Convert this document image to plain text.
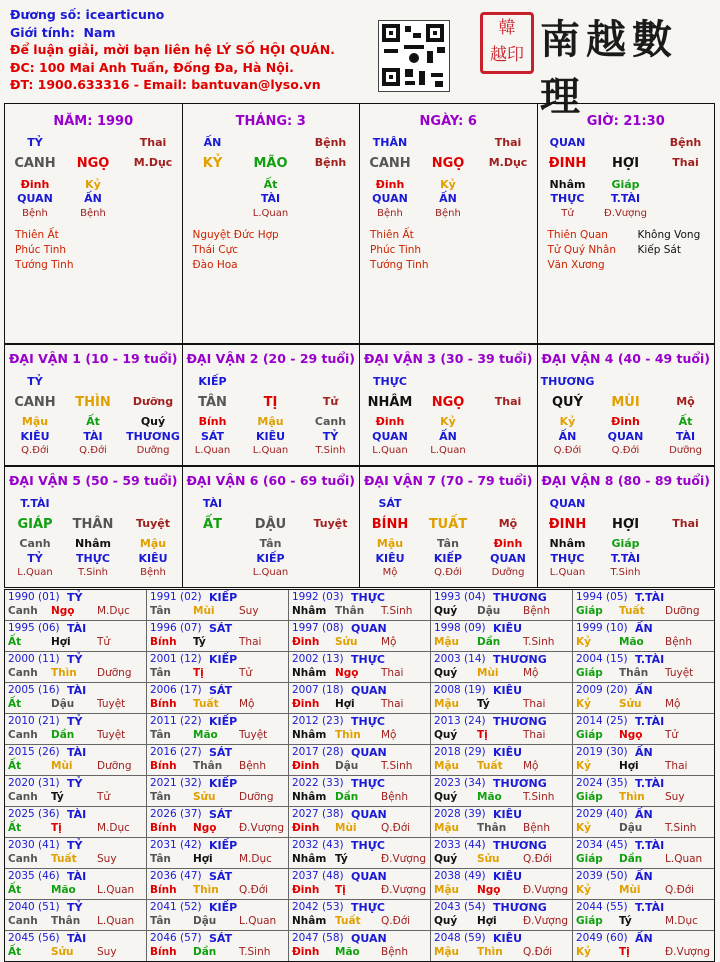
Đương số: icearticuno
Giới tính: Nam
Để luận giải, mời bạn liên hệ LÝ SỐ HỘI QUÁN.
ĐC: 100 Mai Anh Tuấn, Đống Đa, Hà Nội.
ĐT: 1900.633316 - Email: bantuvan@lyso.vn
韓
越印 南越數理
NĂM: 1990
TỶ	Thai
CANH	NGỌ	M.Dục
Đinh	Kỷ
QUAN	ẤN
Bệnh	Bệnh
Thiên Ất
Phúc Tinh
Tướng Tinh
THÁNG: 3
ẤN	Bệnh
KỶ	MÃO	Bệnh
Ất
TÀI
L.Quan
Nguyệt Đức Hợp
Thái Cực
Đào Hoa
NGÀY: 6
THÂN	Thai
CANH	NGỌ	M.Dục
Đinh	Kỷ
QUAN	ẤN
Bệnh	Bệnh
Thiên Ất
Phúc Tinh
Tướng Tinh
GIỜ: 21:30
QUAN	Bệnh
ĐINH	HỢI	Thai
Nhâm	Giáp
THỰC	T.TÀI
Tử	Đ.Vượng
Thiên Quan
Tử Quý Nhân
Văn Xương
Không Vong
Kiếp Sát
ĐẠI VẬN 1 (10 - 19 tuổi)
TỶ
CANH	THÌN	Dưỡng
Mậu	Ất	Quý
KIÊU	TÀI	THƯƠNG
Q.Đới	Q.Đới	Dưỡng
ĐẠI VẬN 2 (20 - 29 tuổi)
KIẾP
TÂN	TỊ	Tử
Bính	Mậu	Canh
SÁT	KIÊU	TỶ
L.Quan	L.Quan	T.Sinh
ĐẠI VẬN 3 (30 - 39 tuổi)
THỰC
NHÂM	NGỌ	Thai
Đinh	Kỷ
QUAN	ẤN
L.Quan	L.Quan
ĐẠI VẬN 4 (40 - 49 tuổi)
THƯƠNG
QUÝ	MÙI	Mộ
Kỷ	Đinh	Ất
ẤN	QUAN	TÀI
Q.Đới	Q.Đới	Dưỡng
ĐẠI VẬN 5 (50 - 59 tuổi)
T.TÀI
GIÁP	THÂN	Tuyệt
Canh	Nhâm	Mậu
TỶ	THỰC	KIÊU
L.Quan	T.Sinh	Bệnh
ĐẠI VẬN 6 (60 - 69 tuổi)
TÀI
ẤT	DẬU	Tuyệt
Tân
KIẾP
L.Quan
ĐẠI VẬN 7 (70 - 79 tuổi)
SÁT
BÍNH	TUẤT	Mộ
Mậu	Tân	Đinh
KIÊU	KIẾP	QUAN
Mộ	Q.Đới	Dưỡng
ĐẠI VẬN 8 (80 - 89 tuổi)
QUAN
ĐINH	HỢI	Thai
Nhâm	Giáp
THỰC	T.TÀI
L.Quan	T.Sinh
1990 (01) TỶ
Canh Ngọ M.Dục
1991 (02) KIẾP
Tân Mùi Suy
1992 (03) THỰC
Nhâm Thân T.Sinh
1993 (04) THƯƠNG
Quý Dậu Bệnh
1994 (05) T.TÀI
Giáp Tuất Dưỡng
1995 (06) TÀI
Ất	Hợi	Tử
1996 (07) SÁT
Bính Tý	Thai
1997 (08) QUAN
Đinh Sửu Mộ
1998 (09) KIÊU
Mậu Dần T.Sinh
1999 (10) ẤN
Kỷ	Mão Bệnh
2000 (11) TỶ
Canh Thìn Dưỡng
2001 (12) KIẾP
Tân Tị	Tử
2002 (13) THỰC
Nhâm Ngọ Thai
2003 (14) THƯƠNG
Quý Mùi Mộ
2004 (15) T.TÀI
Giáp Thân Tuyệt
2005 (16) TÀI
Ất	Dậu Tuyệt
2006 (17) SÁT
Bính Tuất Mộ
2007 (18) QUAN
Đinh Hợi	Thai
2008 (19) KIÊU
Mậu Tý	Thai
2009 (20) ẤN
Kỷ	Sửu Mộ
2010 (21) TỶ
Canh Dần Tuyệt
2011 (22) KIẾP
Tân Mão Tuyệt
2012 (23) THỰC
Nhâm Thìn Mộ
2013 (24) THƯƠNG
Quý Tị	Thai
2014 (25) T.TÀI
Giáp Ngọ Tử
2015 (26) TÀI
Ất	Mùi Dưỡng
2016 (27) SÁT
Bính Thân Bệnh
2017 (28) QUAN
Đinh Dậu T.Sinh
2018 (29) KIÊU
Mậu Tuất Mộ
2019 (30) ẤN
Kỷ	Hợi	Thai
2020 (31) TỶ
Canh Tý	Tử
2021 (32) KIẾP
Tân Sửu Dưỡng
2022 (33) THỰC
Nhâm Dần Bệnh
2023 (34) THƯƠNG
Quý Mão T.Sinh
2024 (35) T.TÀI
Giáp Thìn Suy
2025 (36) TÀI
Ất	Tị	M.Dục
2026 (37) SÁT
Bính Ngọ Đ.Vượng
2027 (38) QUAN
Đinh Mùi Q.Đới
2028 (39) KIÊU
Mậu Thân Bệnh
2029 (40) ẤN
Kỷ	Dậu T.Sinh
2030 (41) TỶ
Canh Tuất Suy
2031 (42) KIẾP
Tân Hợi	M.Dục
2032 (43) THỰC
Nhâm Tý	Đ.Vượng
2033 (44) THƯƠNG
Quý Sửu Q.Đới
2034 (45) T.TÀI
Giáp Dần L.Quan
2035 (46) TÀI
Ất	Mão L.Quan
2036 (47) SÁT
Bính Thìn Q.Đới
2037 (48) QUAN
Đinh Tị	Đ.Vượng
2038 (49) KIÊU
Mậu Ngọ Đ.Vượng
2039 (50) ẤN
Kỷ	Mùi Q.Đới
2040 (51) TỶ
Canh Thân L.Quan
2041 (52) KIẾP
Tân Dậu L.Quan
2042 (53) THỰC
Nhâm Tuất Q.Đới
2043 (54) THƯƠNG
Quý Hợi	Đ.Vượng
2044 (55) T.TÀI
Giáp Tý	M.Dục
2045 (56) TÀI
Ất	Sửu Suy
2046 (57) SÁT
Bính Dần T.Sinh
2047 (58) QUAN
Đinh Mão Bệnh
2048 (59) KIÊU
Mậu Thìn Q.Đới
2049 (60) ẤN
Kỷ	Tị	Đ.Vượng
